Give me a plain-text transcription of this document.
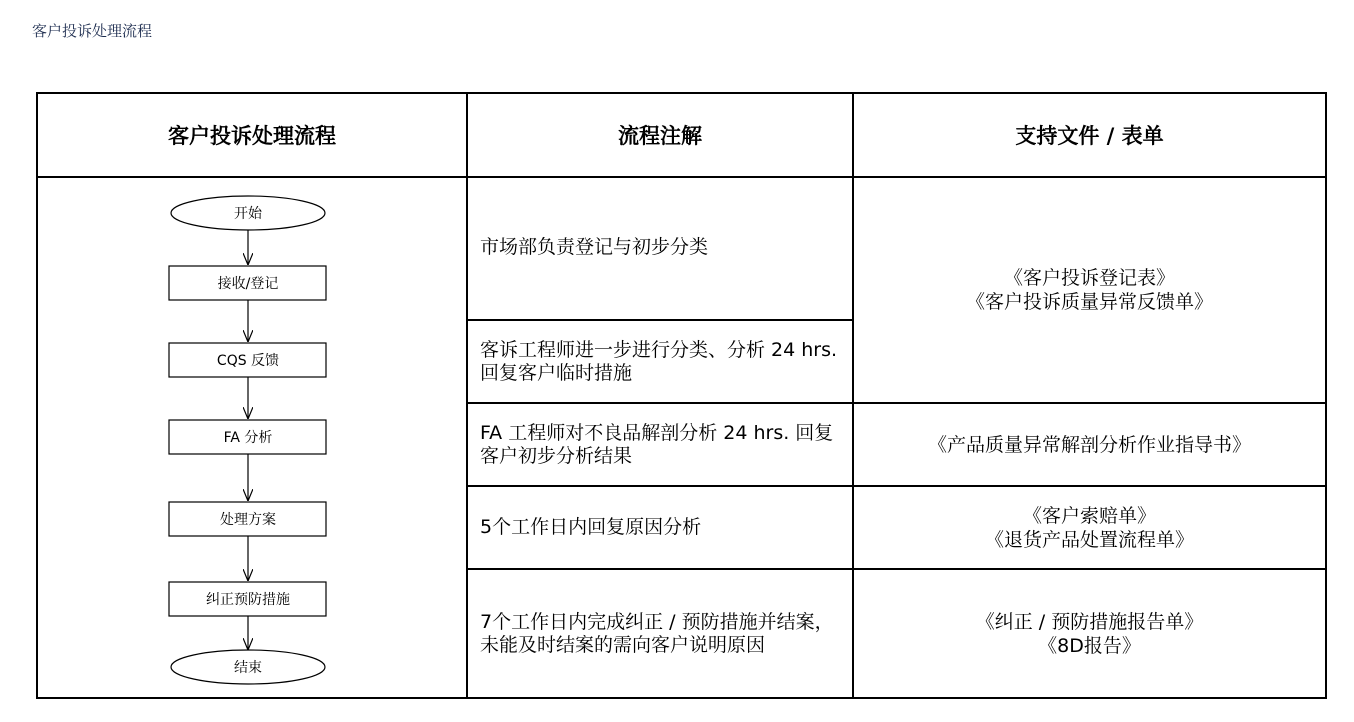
客户投诉处理流程
客户投诉处理流程	流程注解	支持文件 / 表单
市场部负责登记与初步分类
客诉工程师进一步进行分类、分析 24 hrs. 回复客户临时措施
FA 工程师对不良品解剖分析 24 hrs. 回复客户初步分析结果
5个工作日内回复原因分析
7个工作日内完成纠正 / 预防措施并结案，未能及时结案的需向客户说明原因
《客户投诉登记表》
《客户投诉质量异常反馈单》
《产品质量异常解剖分析作业指导书》
《客户索赔单》
《退货产品处置流程单》
《纠正 / 预防措施报告单》
《8D报告》
开始
接收/登记
CQS 反馈
FA 分析
处理方案
纠正预防措施
结束
